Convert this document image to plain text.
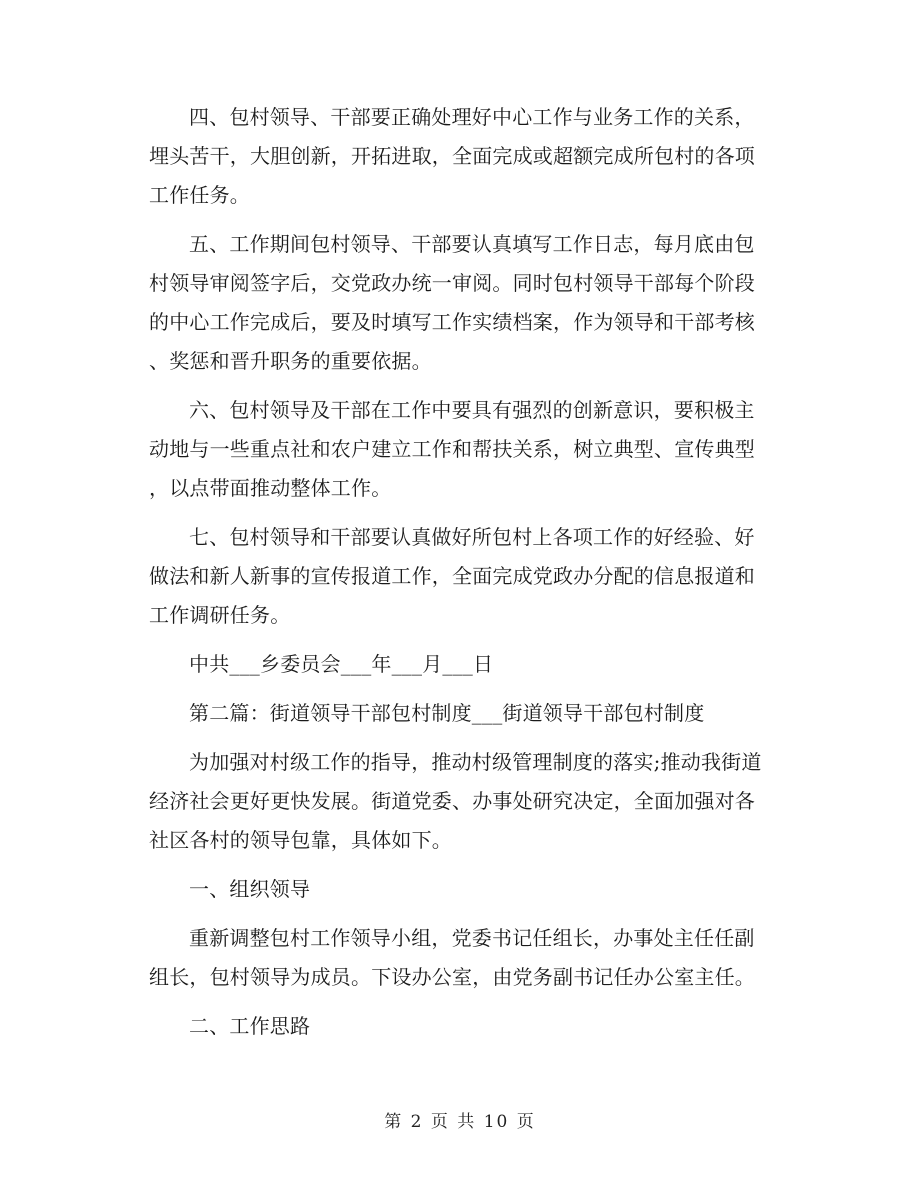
四、包村领导、干部要正确处理好中心工作与业务工作的关系，
埋头苦干，大胆创新，开拓进取，全面完成或超额完成所包村的各项
工作任务。
五、工作期间包村领导、干部要认真填写工作日志，每月底由包
村领导审阅签字后，交党政办统一审阅。同时包村领导干部每个阶段
的中心工作完成后，要及时填写工作实绩档案，作为领导和干部考核
、奖惩和晋升职务的重要依据。
六、包村领导及干部在工作中要具有强烈的创新意识，要积极主
动地与一些重点社和农户建立工作和帮扶关系，树立典型、宣传典型
，以点带面推动整体工作。
七、包村领导和干部要认真做好所包村上各项工作的好经验、好
做法和新人新事的宣传报道工作，全面完成党政办分配的信息报道和
工作调研任务。
中共___乡委员会___年___月___日
第二篇：街道领导干部包村制度___街道领导干部包村制度
为加强对村级工作的指导，推动村级管理制度的落实;推动我街道
经济社会更好更快发展。街道党委、办事处研究决定，全面加强对各
社区各村的领导包靠，具体如下。
一、组织领导
重新调整包村工作领导小组，党委书记任组长，办事处主任任副
组长，包村领导为成员。下设办公室，由党务副书记任办公室主任。
二、工作思路
第 2 页 共 10 页
